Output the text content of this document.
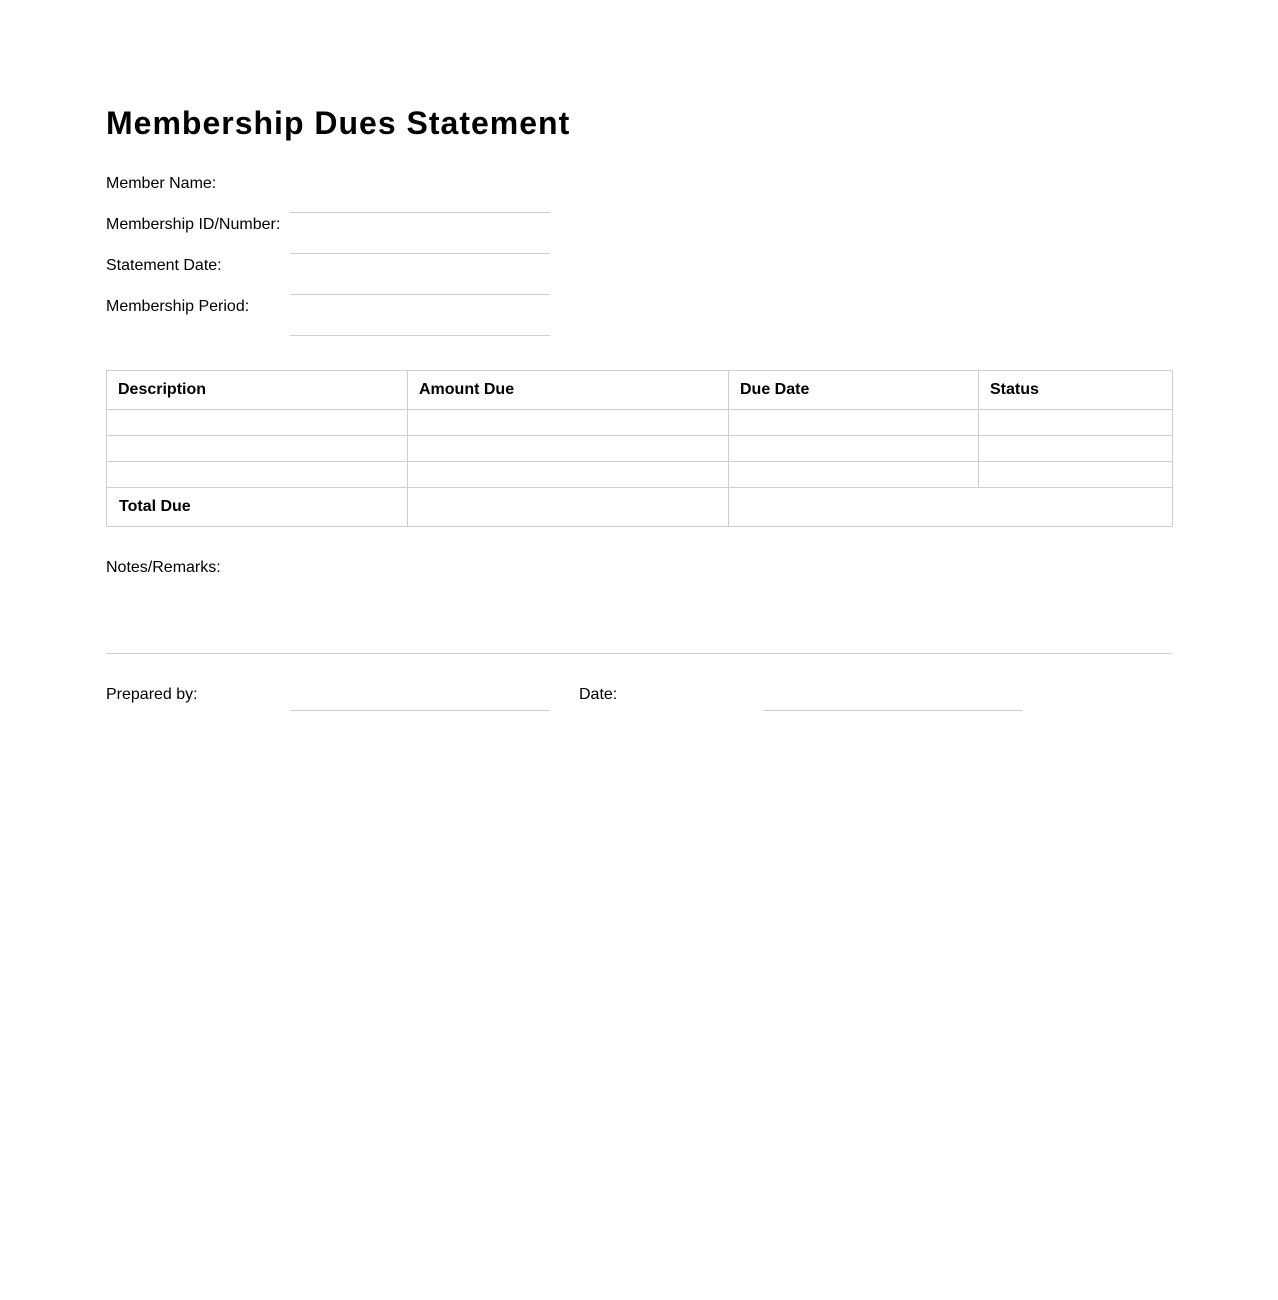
Membership Dues Statement
Member Name:
Membership ID/Number:
Statement Date:
Membership Period:
Description	Amount Due	Due Date	Status

Total Due			
Notes/Remarks:
Prepared by:	Date:
